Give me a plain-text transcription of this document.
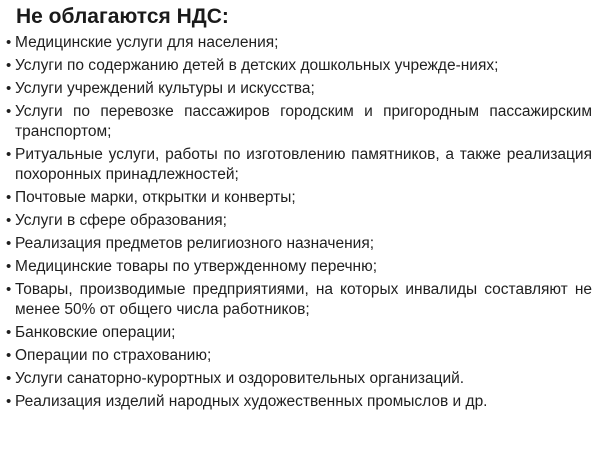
Не облагаются НДС:
• Медицинские услуги для населения;
• Услуги по содержанию детей в детских дошкольных учрежде-ниях;
• Услуги учреждений культуры и искусства;
• Услуги по перевозке пассажиров городским и пригородным пассажирским транспортом;
• Ритуальные услуги, работы по изготовлению памятников, а также реализация похоронных принадлежностей;
• Почтовые марки, открытки и конверты;
• Услуги в сфере образования;
• Реализация предметов религиозного назначения;
• Медицинские товары по утвержденному перечню;
• Товары, производимые предприятиями, на которых инвалиды составляют не менее 50% от общего числа работников;
• Банковские операции;
• Операции по страхованию;
• Услуги санаторно-курортных и оздоровительных организаций.
• Реализация изделий народных художественных промыслов и др.
